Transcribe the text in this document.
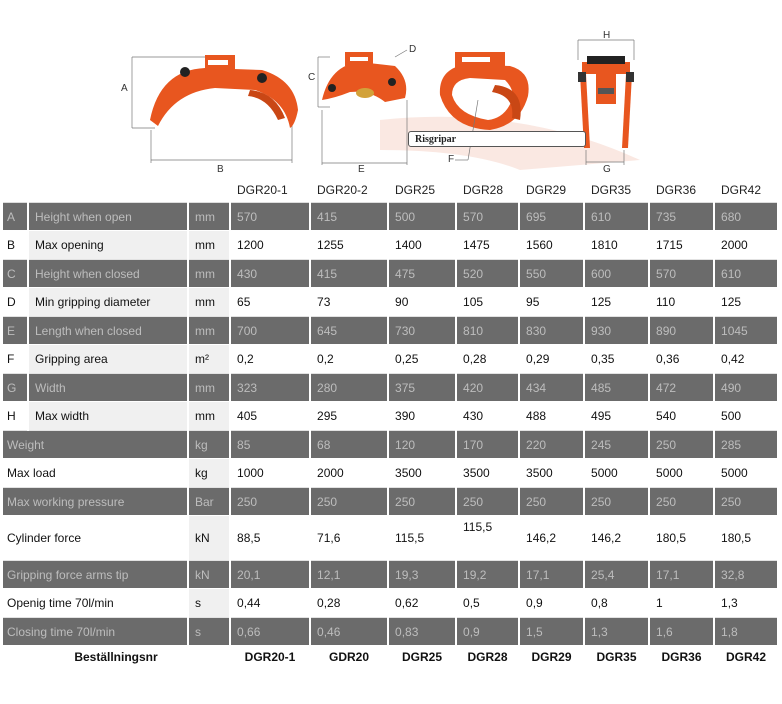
A
B
C
D
E
F
H
G
Risgripar
			DGR20-1	DGR20-2	DGR25	DGR28	DGR29	DGR35	DGR36	DGR42
A	Height when open	mm	570	415	500	570	695	610	735	680
B	Max opening	mm	1200	1255	1400	1475	1560	1810	1715	2000
C	Height when closed	mm	430	415	475	520	550	600	570	610
D	Min gripping diameter	mm	65	73	90	105	95	125	110	125
E	Length when closed	mm	700	645	730	810	830	930	890	1045
F	Gripping area	m²	0,2	0,2	0,25	0,28	0,29	0,35	0,36	0,42
G	Width	mm	323	280	375	420	434	485	472	490
H	Max width	mm	405	295	390	430	488	495	540	500
Weight		kg	85	68	120	170	220	245	250	285
Max load		kg	1000	2000	3500	3500	3500	5000	5000	5000
Max working pressure		Bar	250	250	250	250	250	250	250	250
Cylinder force		kN	88,5	71,6	115,5	115,5	146,2	146,2	180,5	180,5
Gripping force arms tip		kN	20,1	12,1	19,3	19,2	17,1	25,4	17,1	32,8
Openig time 70l/min		s	0,44	0,28	0,62	0,5	0,9	0,8	1	1,3
Closing time 70l/min		s	0,66	0,46	0,83	0,9	1,5	1,3	1,6	1,8
Beställningsnr			DGR20-1	GDR20	DGR25	DGR28	DGR29	DGR35	DGR36	DGR42
